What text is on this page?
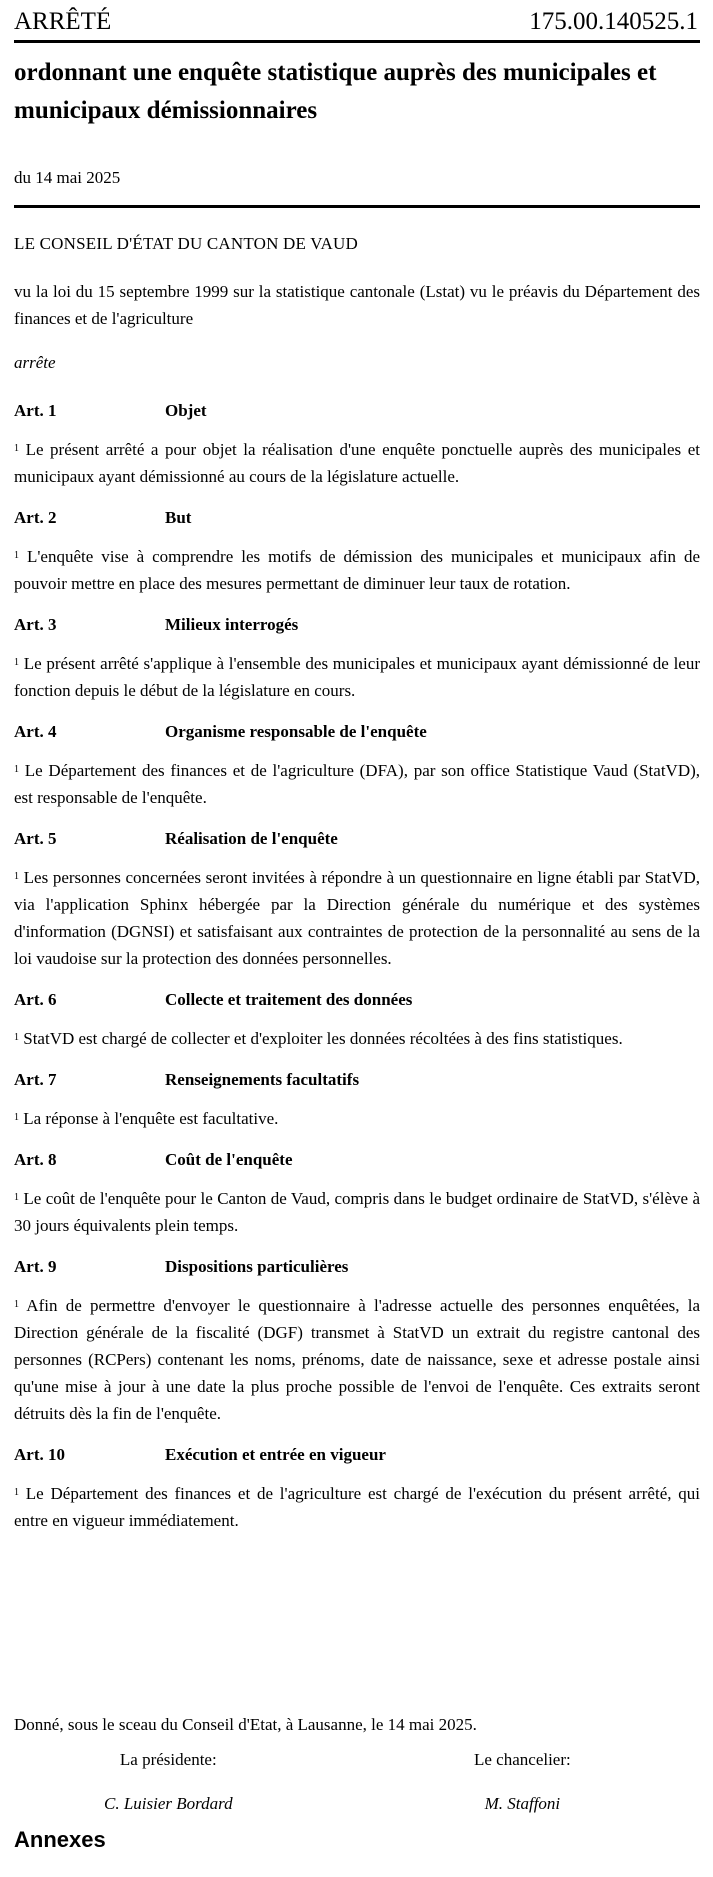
ARRÊTÉ	175.00.140525.1
ordonnant une enquête statistique auprès des municipales et municipaux démissionnaires
du 14 mai 2025
LE CONSEIL D'ÉTAT DU CANTON DE VAUD
vu la loi du 15 septembre 1999 sur la statistique cantonale (Lstat) vu le préavis du Département des finances et de l'agriculture
arrête
Art. 1	Objet
$^1$ Le présent arrêté a pour objet la réalisation d'une enquête ponctuelle auprès des municipales et municipaux ayant démissionné au cours de la législature actuelle.
Art. 2	But
$^1$ L'enquête vise à comprendre les motifs de démission des municipales et municipaux afin de pouvoir mettre en place des mesures permettant de diminuer leur taux de rotation.
Art. 3	Milieux interrogés
$^1$ Le présent arrêté s'applique à l'ensemble des municipales et municipaux ayant démissionné de leur fonction depuis le début de la législature en cours.
Art. 4	Organisme responsable de l'enquête
$^1$ Le Département des finances et de l'agriculture (DFA), par son office Statistique Vaud (StatVD), est responsable de l'enquête.
Art. 5	Réalisation de l'enquête
$^1$ Les personnes concernées seront invitées à répondre à un questionnaire en ligne établi par StatVD, via l'application Sphinx hébergée par la Direction générale du numérique et des systèmes d'information (DGNSI) et satisfaisant aux contraintes de protection de la personnalité au sens de la loi vaudoise sur la protection des données personnelles.
Art. 6	Collecte et traitement des données
$^1$ StatVD est chargé de collecter et d'exploiter les données récoltées à des fins statistiques.
Art. 7	Renseignements facultatifs
$^1$ La réponse à l'enquête est facultative.
Art. 8	Coût de l'enquête
$^1$ Le coût de l'enquête pour le Canton de Vaud, compris dans le budget ordinaire de StatVD, s'élève à 30 jours équivalents plein temps.
Art. 9	Dispositions particulières
$^1$ Afin de permettre d'envoyer le questionnaire à l'adresse actuelle des personnes enquêtées, la Direction générale de la fiscalité (DGF) transmet à StatVD un extrait du registre cantonal des personnes (RCPers) contenant les noms, prénoms, date de naissance, sexe et adresse postale ainsi qu'une mise à jour à une date la plus proche possible de l'envoi de l'enquête. Ces extraits seront détruits dès la fin de l'enquête.
Art. 10	Exécution et entrée en vigueur
$^1$ Le Département des finances et de l'agriculture est chargé de l'exécution du présent arrêté, qui entre en vigueur immédiatement.
Donné, sous le sceau du Conseil d'Etat, à Lausanne, le 14 mai 2025.
La présidente:
C. Luisier Bordard
Le chancelier:
M. Staffoni
Annexes
